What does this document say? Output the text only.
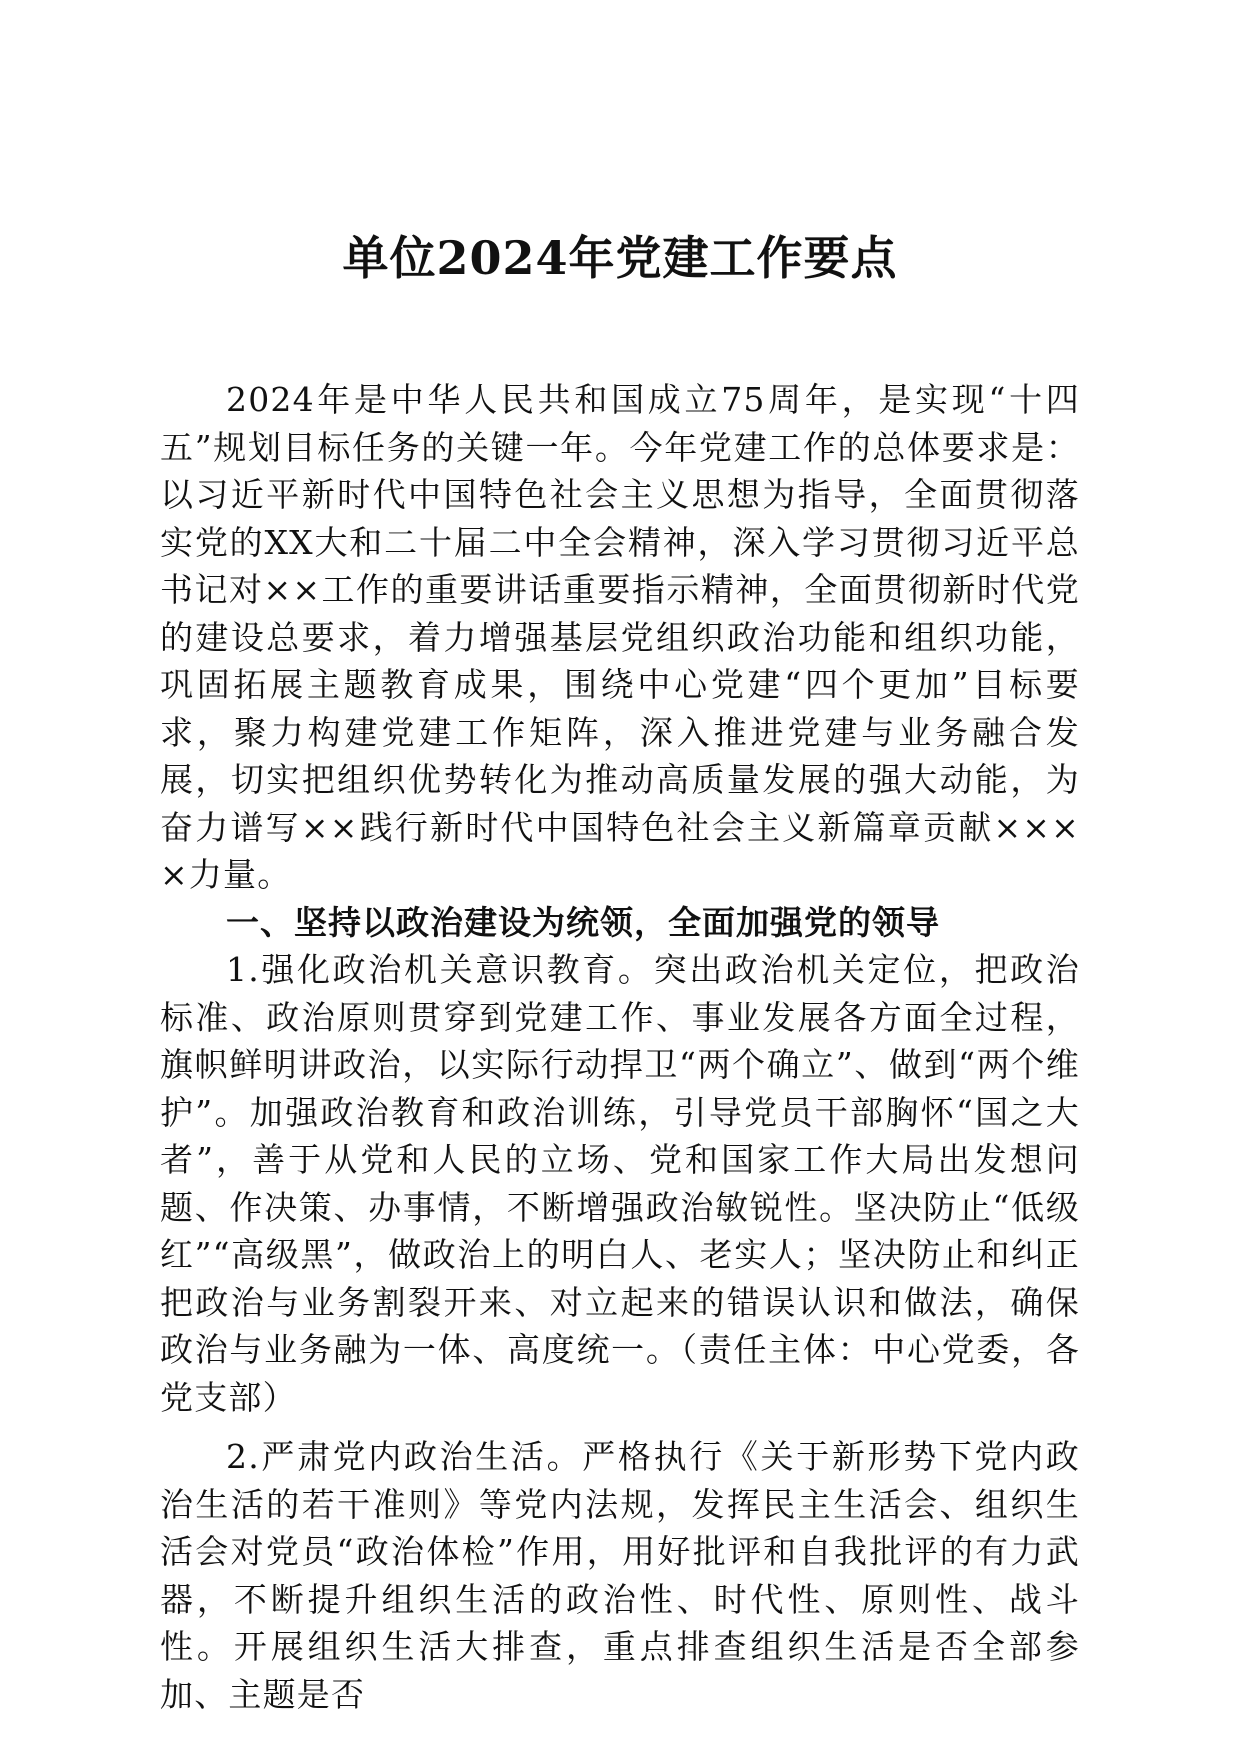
单位2024年党建工作要点

2024年是中华人民共和国成立75周年，是实现“十四五”规划目标任务的关键一年。今年党建工作的总体要求是：以习近平新时代中国特色社会主义思想为指导，全面贯彻落实党的XX大和二十届二中全会精神，深入学习贯彻习近平总书记对××工作的重要讲话重要指示精神，全面贯彻新时代党的建设总要求，着力增强基层党组织政治功能和组织功能，巩固拓展主题教育成果，围绕中心党建“四个更加”目标要求，聚力构建党建工作矩阵，深入推进党建与业务融合发展，切实把组织优势转化为推动高质量发展的强大动能，为奋力谱写××践行新时代中国特色社会主义新篇章贡献××××力量。

一、坚持以政治建设为统领，全面加强党的领导

1.强化政治机关意识教育。突出政治机关定位，把政治标准、政治原则贯穿到党建工作、事业发展各方面全过程，旗帜鲜明讲政治，以实际行动捍卫“两个确立”、做到“两个维护”。加强政治教育和政治训练，引导党员干部胸怀“国之大者”，善于从党和人民的立场、党和国家工作大局出发想问题、作决策、办事情，不断增强政治敏锐性。坚决防止“低级红”“高级黑”，做政治上的明白人、老实人；坚决防止和纠正把政治与业务割裂开来、对立起来的错误认识和做法，确保政治与业务融为一体、高度统一。（责任主体：中心党委，各党支部）

2.严肃党内政治生活。严格执行《关于新形势下党内政治生活的若干准则》等党内法规，发挥民主生活会、组织生活会对党员“政治体检”作用，用好批评和自我批评的有力武器，不断提升组织生活的政治性、时代性、原则性、战斗性。开展组织生活大排查，重点排查组织生活是否全部参加、主题是否
